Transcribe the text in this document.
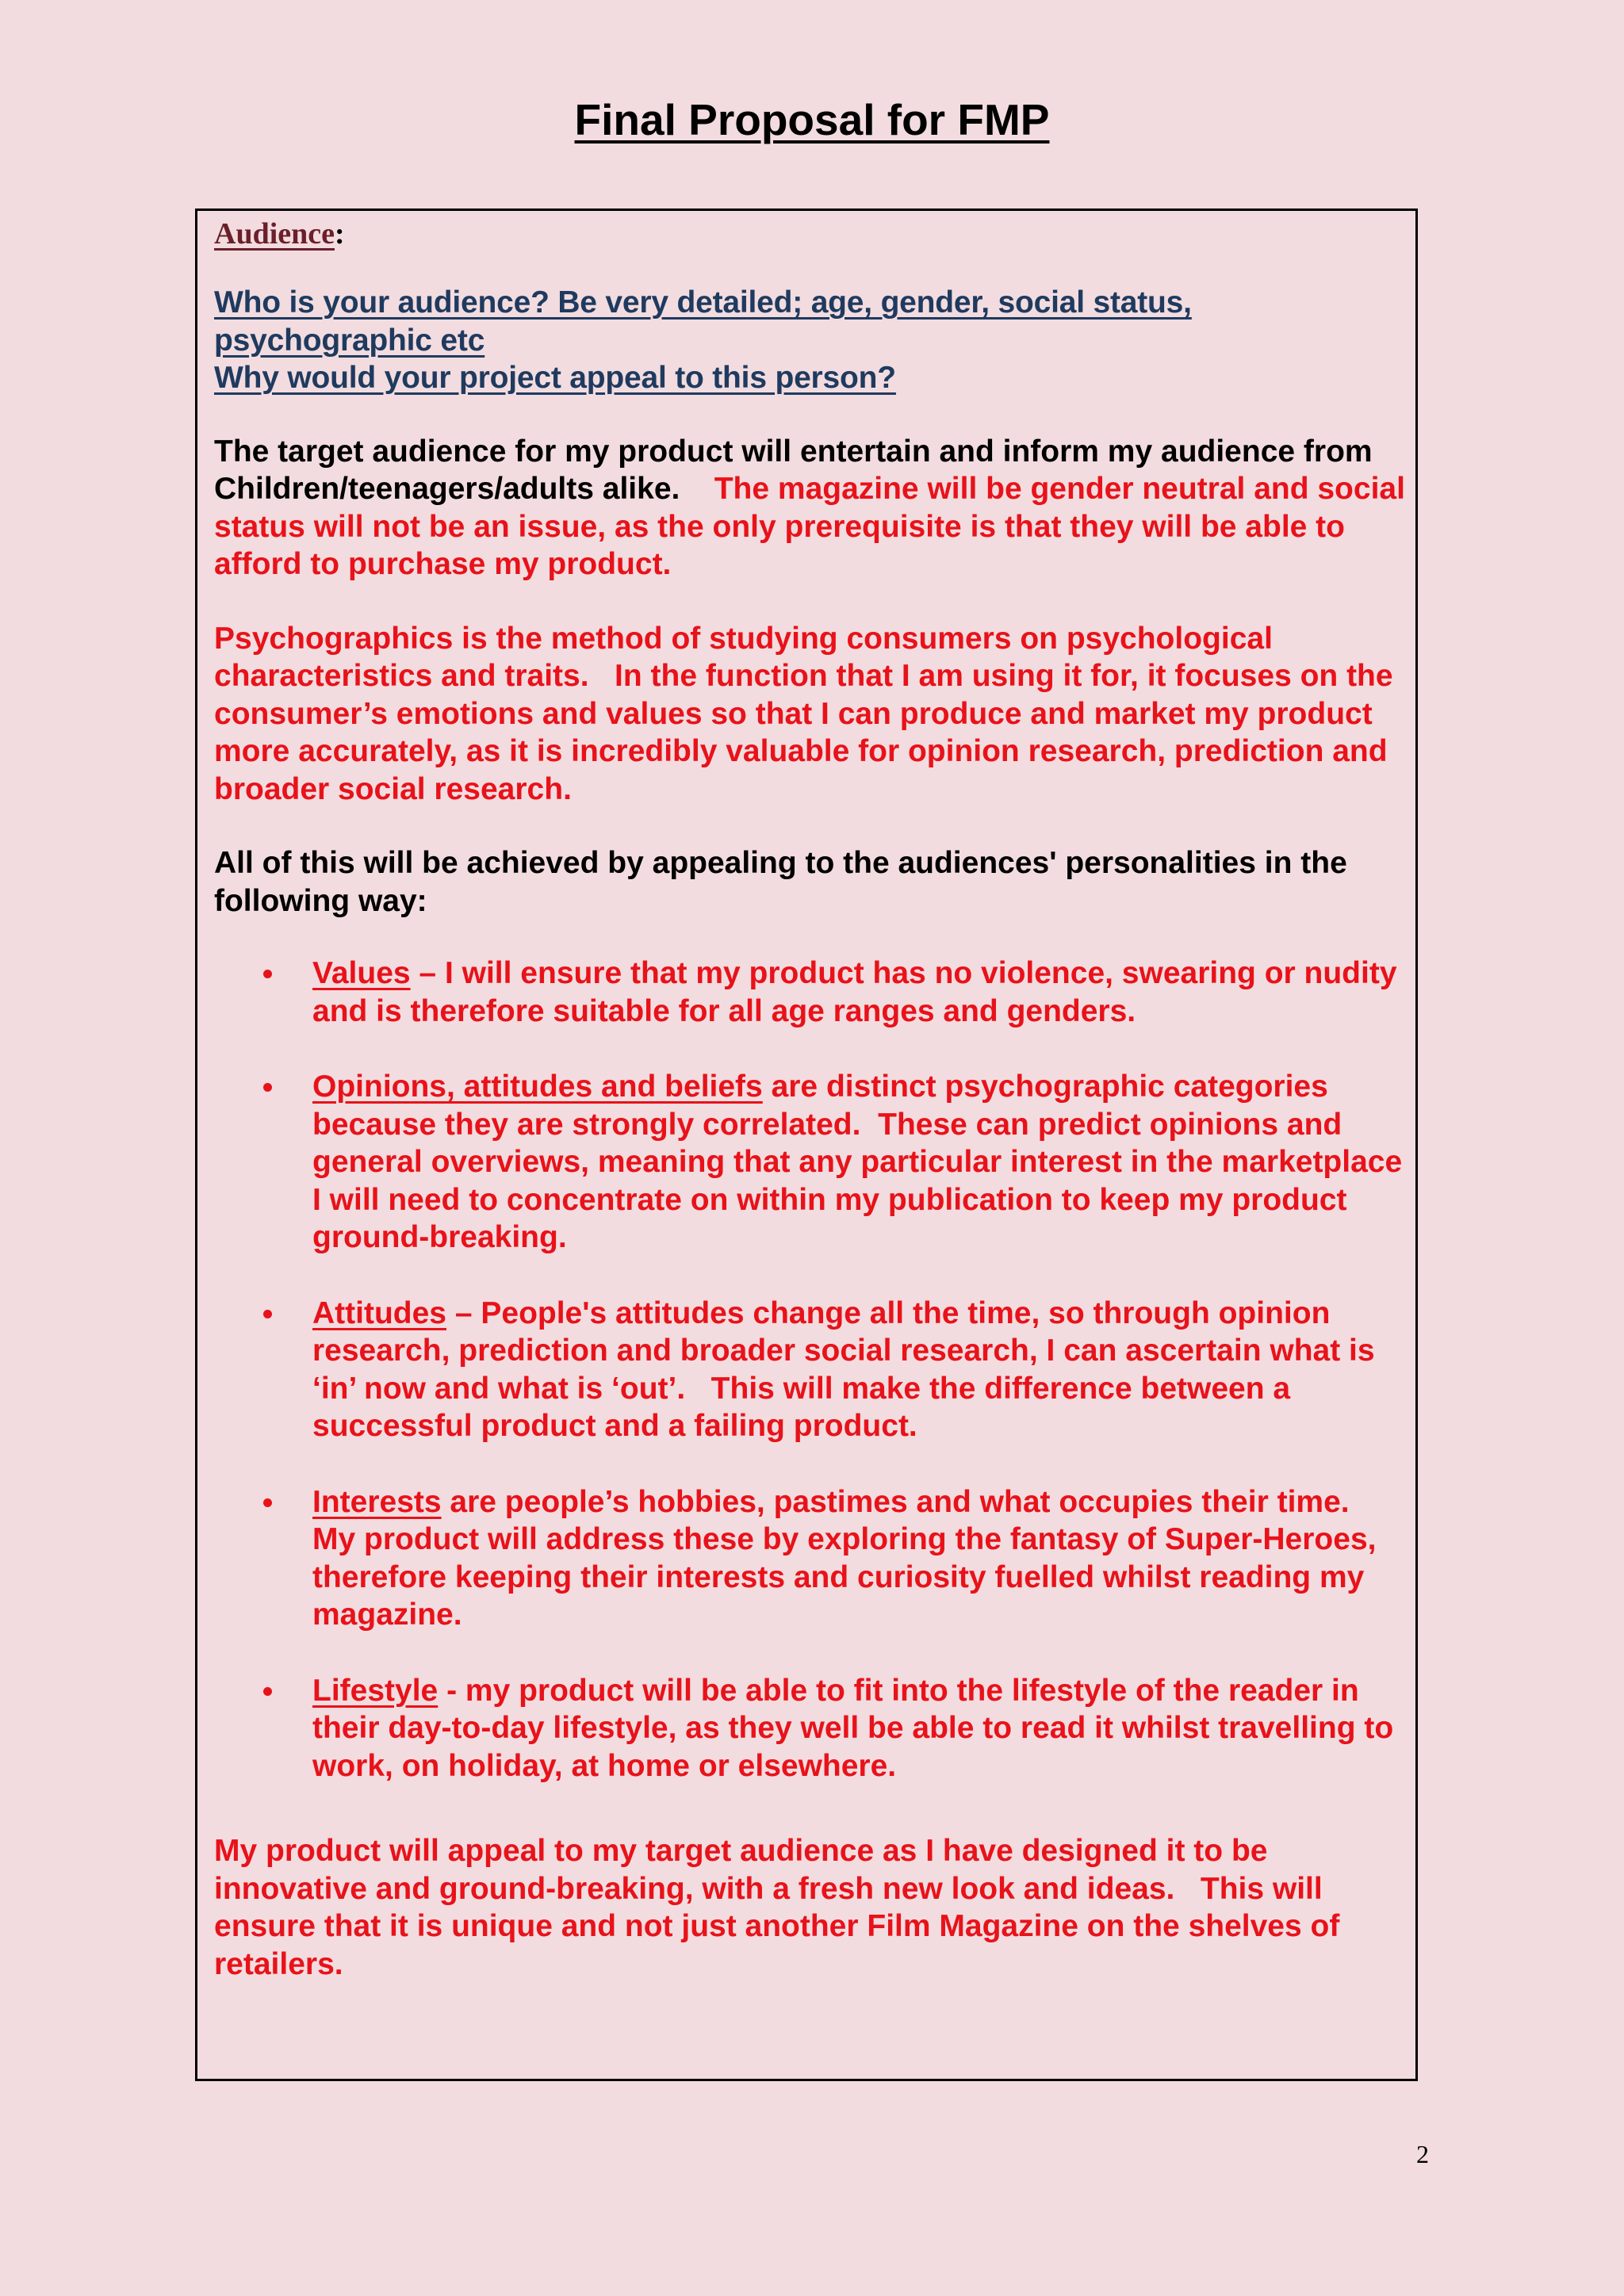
Final Proposal for FMP

Audience:

Who is your audience? Be very detailed; age, gender, social status,
psychographic etc
Why would your project appeal to this person?

The target audience for my product will entertain and inform my audience from Children/teenagers/adults alike. The magazine will be gender neutral and social status will not be an issue, as the only prerequisite is that they will be able to afford to purchase my product.

Psychographics is the method of studying consumers on psychological characteristics and traits.   In the function that I am using it for, it focuses on the consumer’s emotions and values so that I can produce and market my product more accurately, as it is incredibly valuable for opinion research, prediction and broader social research.

All of this will be achieved by appealing to the audiences' personalities in the following way:

Values – I will ensure that my product has no violence, swearing or nudity and is therefore suitable for all age ranges and genders.
Opinions, attitudes and beliefs are distinct psychographic categories because they are strongly correlated.  These can predict opinions and general overviews, meaning that any particular interest in the marketplace I will need to concentrate on within my publication to keep my product ground-breaking.
Attitudes – People's attitudes change all the time, so through opinion research, prediction and broader social research, I can ascertain what is ‘in’ now and what is ‘out’.   This will make the difference between a successful product and a failing product.
Interests are people’s hobbies, pastimes and what occupies their time.   My product will address these by exploring the fantasy of Super-Heroes, therefore keeping their interests and curiosity fuelled whilst reading my magazine.
Lifestyle - my product will be able to fit into the lifestyle of the reader in their day-to-day lifestyle, as they well be able to read it whilst travelling to work, on holiday, at home or elsewhere.

My product will appeal to my target audience as I have designed it to be innovative and ground-breaking, with a fresh new look and ideas.   This will ensure that it is unique and not just another Film Magazine on the shelves of retailers.

2
